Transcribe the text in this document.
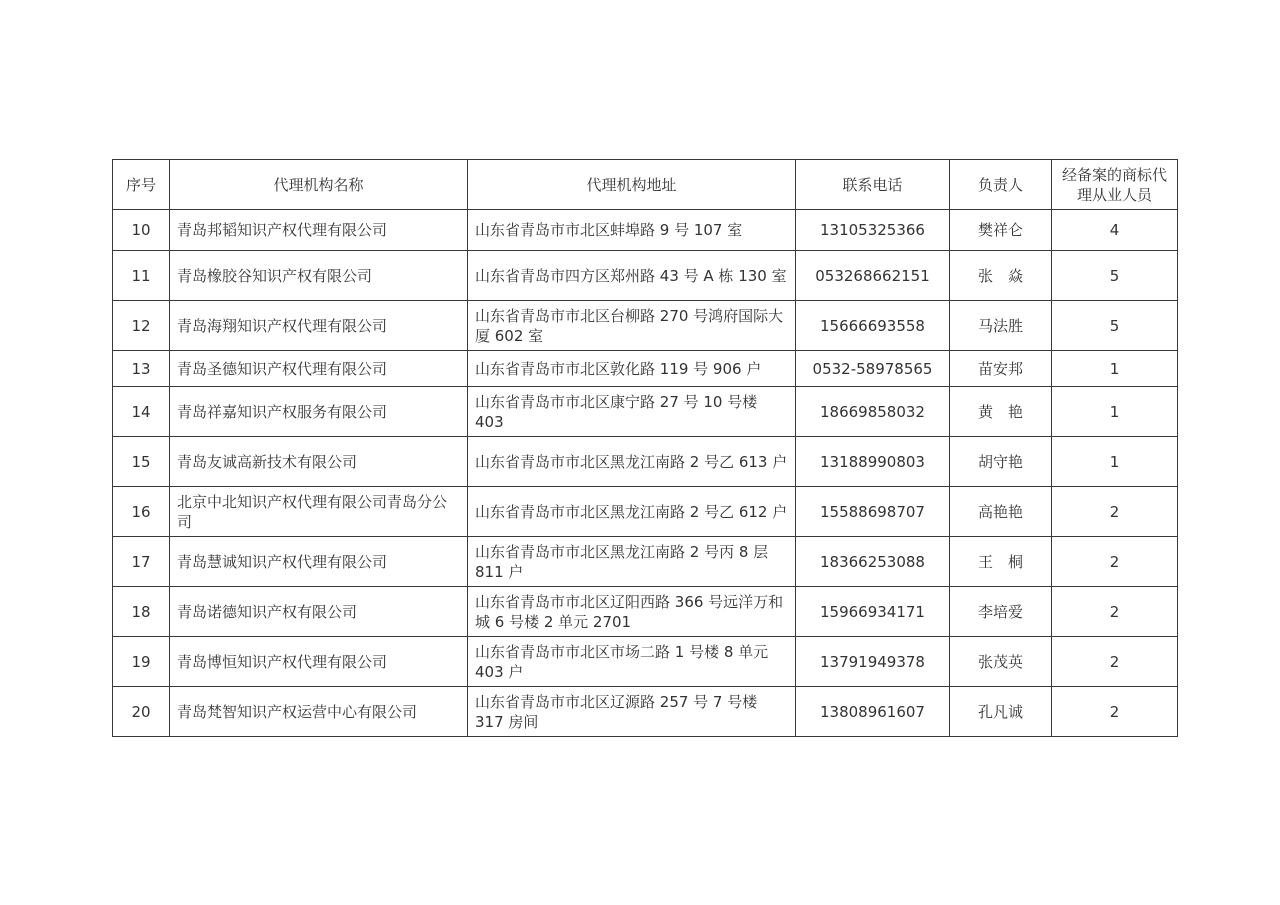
序号	代理机构名称	代理机构地址	联系电话	负责人	经备案的商标代理从业人员
10	青岛邦韬知识产权代理有限公司	山东省青岛市市北区蚌埠路 9 号 107 室	13105325366	樊祥仑	4
11	青岛橡胶谷知识产权有限公司	山东省青岛市四方区郑州路 43 号 A 栋 130 室	053268662151	张　焱	5
12	青岛海翔知识产权代理有限公司	山东省青岛市市北区台柳路 270 号鸿府国际大厦 602 室	15666693558	马法胜	5
13	青岛圣德知识产权代理有限公司	山东省青岛市市北区敦化路 119 号 906 户	0532-58978565	苗安邦	1
14	青岛祥嘉知识产权服务有限公司	山东省青岛市市北区康宁路 27 号 10 号楼 403	18669858032	黄　艳	1
15	青岛友诚高新技术有限公司	山东省青岛市市北区黑龙江南路 2 号乙 613 户	13188990803	胡守艳	1
16	北京中北知识产权代理有限公司青岛分公司	山东省青岛市市北区黑龙江南路 2 号乙 612 户	15588698707	高艳艳	2
17	青岛慧诚知识产权代理有限公司	山东省青岛市市北区黑龙江南路 2 号丙 8 层 811 户	18366253088	王　桐	2
18	青岛诺德知识产权有限公司	山东省青岛市市北区辽阳西路 366 号远洋万和城 6 号楼 2 单元 2701	15966934171	李培爱	2
19	青岛博恒知识产权代理有限公司	山东省青岛市市北区市场二路 1 号楼 8 单元 403 户	13791949378	张茂英	2
20	青岛梵智知识产权运营中心有限公司	山东省青岛市市北区辽源路 257 号 7 号楼 317 房间	13808961607	孔凡诚	2
